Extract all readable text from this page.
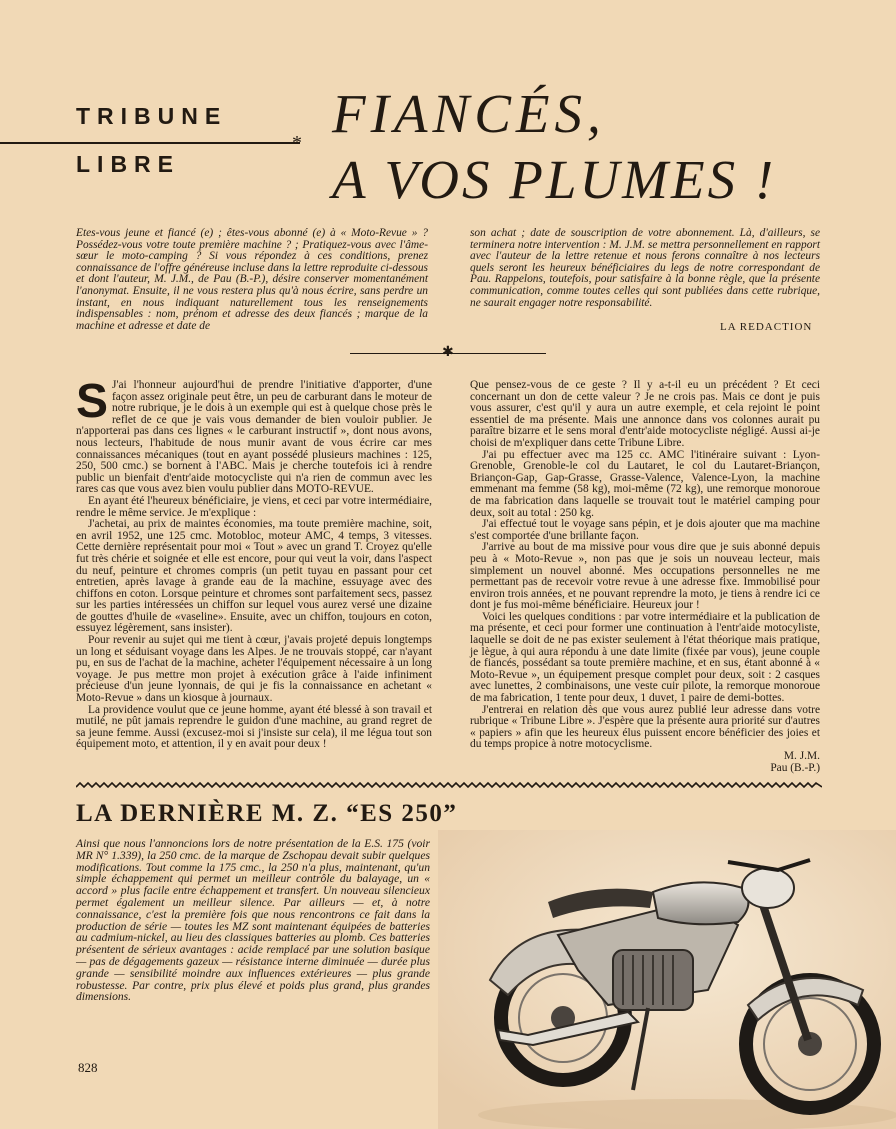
TRIBUNE
*
LIBRE
FIANCÉS,
A VOS PLUMES !
Etes-vous jeune et fiancé (e) ; êtes-vous abonné (e) à « Moto-Revue » ? Possédez-vous votre toute première machine ? ; Pratiquez-vous avec l'âme-sœur le moto-camping ? Si vous répondez à ces conditions, prenez connaissance de l'offre généreuse incluse dans la lettre reproduite ci-dessous et dont l'auteur, M. J.M., de Pau (B.-P.), désire conserver momentanément l'anonymat. Ensuite, il ne vous restera plus qu'à nous écrire, sans perdre un instant, en nous indiquant naturellement tous les renseignements indispensables : nom, prénom et adresse des deux fiancés ; marque de la machine et adresse et date de
son achat ; date de souscription de votre abonnement. Là, d'ailleurs, se terminera notre intervention : M. J.M. se mettra personnellement en rapport avec l'auteur de la lettre retenue et nous ferons connaître à nos lecteurs quels seront les heureux bénéficiaires du legs de notre correspondant de Pau. Rappelons, toutefois, pour satisfaire à la bonne règle, que la présente communication, comme toutes celles qui sont publiées dans cette rubrique, ne saurait engager notre responsabilité.
LA REDACTION
✱
S J'ai l'honneur aujourd'hui de prendre l'initiative d'apporter, d'une façon assez originale peut être, un peu de carburant dans le moteur de notre rubrique, je le dois à un exemple qui est à quelque chose près le reflet de ce que je vais vous demander de bien vouloir publier. Je n'apporterai pas dans ces lignes « le carburant instructif », dont nous avons, nous lecteurs, l'habitude de nous munir avant de vous écrire car mes connaissances mécaniques (tout en ayant possédé plusieurs machines : 125, 250, 500 cmc.) se bornent à l'ABC. Mais je cherche toutefois ici à rendre public un bienfait d'entr'aide motocycliste qui n'a rien de commun avec les rares cas que vous avez bien voulu publier dans MOTO-REVUE.

En ayant été l'heureux bénéficiaire, je viens, et ceci par votre intermédiaire, rendre le même service. Je m'explique :

J'achetai, au prix de maintes économies, ma toute première machine, soit, en avril 1952, une 125 cmc. Motobloc, moteur AMC, 4 temps, 3 vitesses. Cette dernière représentait pour moi « Tout » avec un grand T. Croyez qu'elle fut très chérie et soignée et elle est encore, pour qui veut la voir, dans l'aspect du neuf, peinture et chromes compris (un petit tuyau en passant pour cet entretien, après lavage à grande eau de la machine, essuyage avec des chiffons en coton. Lorsque peinture et chromes sont parfaitement secs, passez sur les parties intéressées un chiffon sur lequel vous aurez versé une dizaine de gouttes d'huile de «vaseline». Ensuite, avec un chiffon, toujours en coton, essuyez légèrement, sans insister).

Pour revenir au sujet qui me tient à cœur, j'avais projeté depuis longtemps un long et séduisant voyage dans les Alpes. Je ne trouvais stoppé, car n'ayant pu, en sus de l'achat de la machine, acheter l'équipement nécessaire à un long voyage. Je pus mettre mon projet à exécution grâce à l'aide infiniment précieuse d'un jeune lyonnais, de qui je fis la connaissance en achetant « Moto-Revue » dans un kiosque à journaux.

La providence voulut que ce jeune homme, ayant été blessé à son travail et mutilé, ne pût jamais reprendre le guidon d'une machine, au grand regret de sa jeune femme. Aussi (excusez-moi si j'insiste sur cela), il me légua tout son équipement moto, et attention, il y en avait pour deux !

Que pensez-vous de ce geste ? Il y a-t-il eu un précédent ? Et ceci concernant un don de cette valeur ? Je ne crois pas. Mais ce dont je puis vous assurer, c'est qu'il y aura un autre exemple, et cela rejoint le point essentiel de ma présente. Mais une annonce dans vos colonnes aurait pu paraître bizarre et le sens moral d'entr'aide motocycliste négligé. Aussi ai-je choisi de m'expliquer dans cette Tribune Libre.

J'ai pu effectuer avec ma 125 cc. AMC l'itinéraire suivant : Lyon-Grenoble, Grenoble-le col du Lautaret, le col du Lautaret-Briançon, Briançon-Gap, Gap-Grasse, Grasse-Valence, Valence-Lyon, la machine emmenant ma femme (58 kg), moi-même (72 kg), une remorque monoroue de ma fabrication dans laquelle se trouvait tout le matériel camping pour deux, soit au total : 250 kg.

J'ai effectué tout le voyage sans pépin, et je dois ajouter que ma machine s'est comportée d'une brillante façon.

J'arrive au bout de ma missive pour vous dire que je suis abonné depuis peu à « Moto-Revue », non pas que je sois un nouveau lecteur, mais simplement un nouvel abonné. Mes occupations personnelles ne me permettant pas de recevoir votre revue à une adresse fixe. Immobilisé pour environ trois années, et ne pouvant reprendre la moto, je tiens à rendre ici ce dont je fus moi-même bénéficiaire. Heureux jour !

Voici les quelques conditions : par votre intermédiaire et la publication de ma présente, et ceci pour former une continuation à l'entr'aide motocyliste, laquelle se doit de ne pas exister seulement à l'état théorique mais pratique, je lègue, à qui aura répondu à une date limite (fixée par vous), jeune couple de fiancés, possédant sa toute première machine, et en sus, étant abonné à « Moto-Revue », un équipement presque complet pour deux, soit : 2 casques avec lunettes, 2 combinaisons, une veste cuir pilote, la remorque monoroue de ma fabrication, 1 tente pour deux, 1 duvet, 1 paire de demi-bottes.

J'entrerai en relation dès que vous aurez publié leur adresse dans votre rubrique « Tribune Libre ». J'espère que la présente aura priorité sur d'autres « papiers » afin que les heureux élus puissent encore bénéficier des joies et du temps propice à notre motocyclisme.

M. J.M.

Pau (B.-P.)

LA DERNIÈRE M. Z. “ES 250”
Ainsi que nous l'annoncions lors de notre présentation de la E.S. 175 (voir MR N° 1.339), la 250 cmc. de la marque de Zschopau devait subir quelques modifications. Tout comme la 175 cmc., la 250 n'a plus, maintenant, qu'un simple échappement qui permet un meilleur contrôle du balayage, un « accord » plus facile entre échappement et transfert. Un nouveau silencieux permet également un meilleur silence. Par ailleurs — et, à notre connaissance, c'est la première fois que nous rencontrons ce fait dans la production de série — toutes les MZ sont maintenant équipées de batteries au cadmium-nickel, au lieu des classiques batteries au plomb. Ces batteries présentent de sérieux avantages : acide remplacé par une solution basique — pas de dégagements gazeux — résistance interne diminuée — durée plus grande — sensibilité moindre aux influences extérieures — plus grande robustesse. Par contre, prix plus élevé et poids plus grand, plus grandes dimensions.
828
